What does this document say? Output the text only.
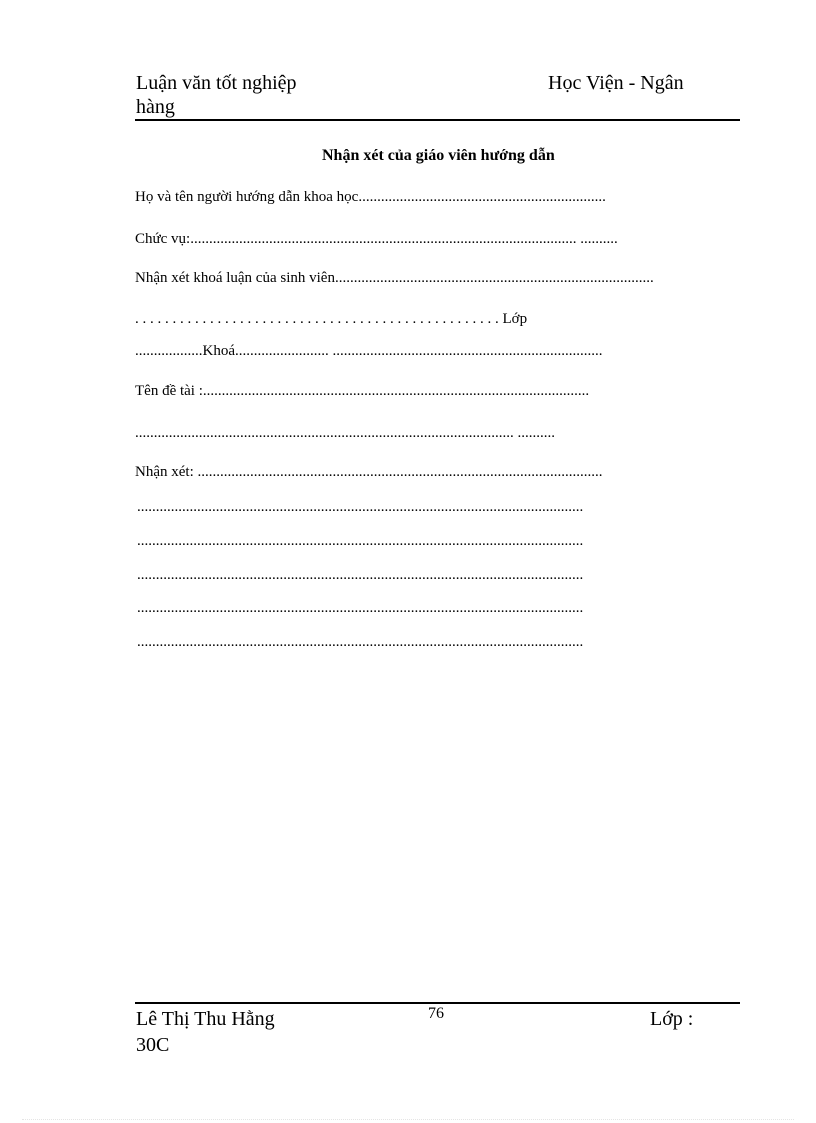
Luận văn tốt nghiệp	Học Viện - Ngân
hàng
Nhận xét của giáo viên hướng dẫn
Họ và tên người hướng dẫn khoa học..................................................................
Chức vụ:....................................................................................................... ..........
Nhận xét khoá luận của sinh viên.....................................................................................
. . . . . . . . . . . . . . . . . . . . . . . . . . . . . . . . . . . . . . . . . . . . . . . . . Lớp
..................Khoá......................... ........................................................................
Tên đề tài :.......................................................................................................
..................................................................................................... ..........
Nhận xét: ............................................................................................................
.......................................................................................................................
.......................................................................................................................
.......................................................................................................................
.......................................................................................................................
.......................................................................................................................
Lê Thị Thu Hằng	76	Lớp :
30C
